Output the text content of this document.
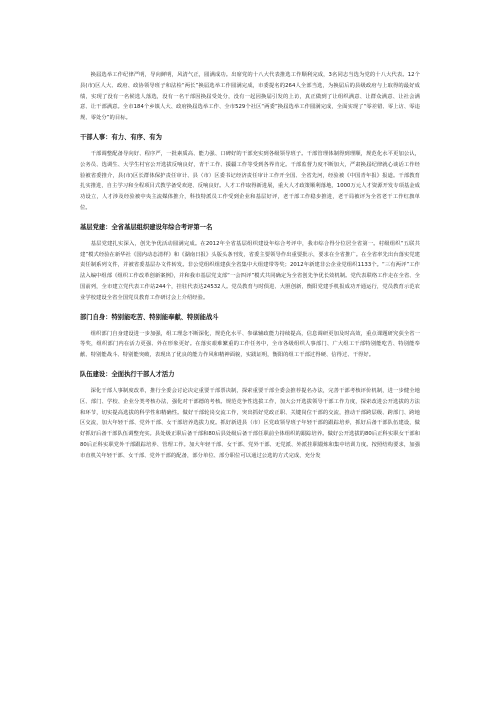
换届选举工作纪律严明，导向鲜明，风清气正，圆满成功。出席党的十八大代表推选工作顺利完成，3名同志当选为党的十八大代表。12个县(市)区人大、政府、政协领导班子和法检“两长”换届选举工作圆满完成，市委提名的264人全部当选，为换届后的县级政府与上取得的最好成绩，实现了没有一名候选人落选，没有一名干部因换届受处分，没有一起因换届引发的上访，真正做到了让组织满意、让群众满意、让社会满意、让干部满意。全市184个乡镇人大、政府换届选举工作、全市529个社区“两委”换届选举工作圆满完成，全面实现了“零差错、零上访、零违规、零处分”的目标。

干部人事：有力、有序、有为

干部调整配备导向好、程序严，一批素质高、能力强、口碑好的干部充实到各级领导班子。干部管理体制得到理顺，规范化水平更加公认，公务员、选调生、大学生村官公开选拔反响良好，青干工作、援疆工作等受到各界肯定。干部监督力度不断加大，严肃换届纪律就心谈话工作经验被省委推介，县(市)区长群体保护责任审计、县（市）区委书记经济责任审计工作开全国、全省先河，经验被《中国青年报》报道。干部教育扎实推进，自主学习和全程项目式教学备受欢迎、反响良好。人才工作取得新进展，重大人才政策顺利落地，1000万元人才资源开发专项基金成功设立，人才涉及经验被中央主流媒体推介，科技特派员工作受到企业和基层好评，老干部工作稳步推进，老干局被评为全省老干工作红旗单位。

基层党建：全省基层组织建设年综合考评第一名

基层党建扎实深入，创先争优活动圆满完成。在2012年全省基层组织建设年综合考评中，我市综合得分位居全省第一。村级组织“五联共建”模式经验在新华社《国内动态清样》和《湖南日报》头版头条刊发，省委主要领导作出重要批示，要求在全省推广。在全省率先出台落实党建责任制系列文件，并被省委基层办文件转发。非公党组织组建获全省集中大组建带等奖；2012年新建非公企业党组织1133个。“三有两评”工作法入编中组部《组织工作改革创新案例》，并和我市基层党支部“一会四评”模式共同确定为全省创先争优长效机制。党代表联络工作走在全省、全国前列，全市建立党代表工作站244个，挂驻代表达24532人。党员教育与时俱进、大胆创新，衡阳党建手机报成功开通运行，党员教育示范农业学校建设全省全国党员教育工作研讨会上介绍经验。

部门自身：特别能吃苦、特别能奉献、特别能战斗

组织部门自身建设进一步加强，组工理念不断深化，规范化水平、参谋辅政能力持续提高，信息调研更加及时高效，重点课题研究获全省一等奖，组织部门内在活力更强、外在形象更好。在落实艰难繁重的工作任务中，全市各级组织人事部门、广大组工干部特别能吃苦、特别能奉献、特别能战斗、特别能突破，表现出了优良的能力作风和精神面貌，实践证明，衡阳的组工干部过得硬、信得过、干得好。

队伍建设：全面执行干部人才活力

深化干部人事制度改革，推行全委会讨论决定重要干部票决制，探索重要干部全委会推荐提名办法，完善干部考核评价机制，进一步健全地区、部门、学校、企业分类考核办法，强化对干部德的考核。规范竞争性选拔工作，加大公开选拔领导干部工作力度，探索改进公开选拔的方法和环节，切实提高选拔的科学性和精确性。做好干部轮岗交流工作，突出抓好党政正职、关键岗位干部的交流，推动干部跨层级、跨部门、跨地区交流，加大年轻干部、党外干部、女干部培养选拔力度。抓好新进县（市）区党政领导班子年轻干部的跟踪培养，抓好后备干部队伍建设，做好抓好后备干部队伍调整充实。县处级正职后备干部和80后县处级后备干部任职前全体组织的跟踪培养。做好公开选拔的80后正科实职女干部和80后正科实职党外干部跟踪培养、管理工作。加大年轻干部、女干部、党外干部、无党派、外派挂职锻炼和集中培训力度。按照结构要求，加强市直机关年轻干部、女干部、党外干部的配备，部分单位、部分职位可以通过公选的方式完成，充分发
